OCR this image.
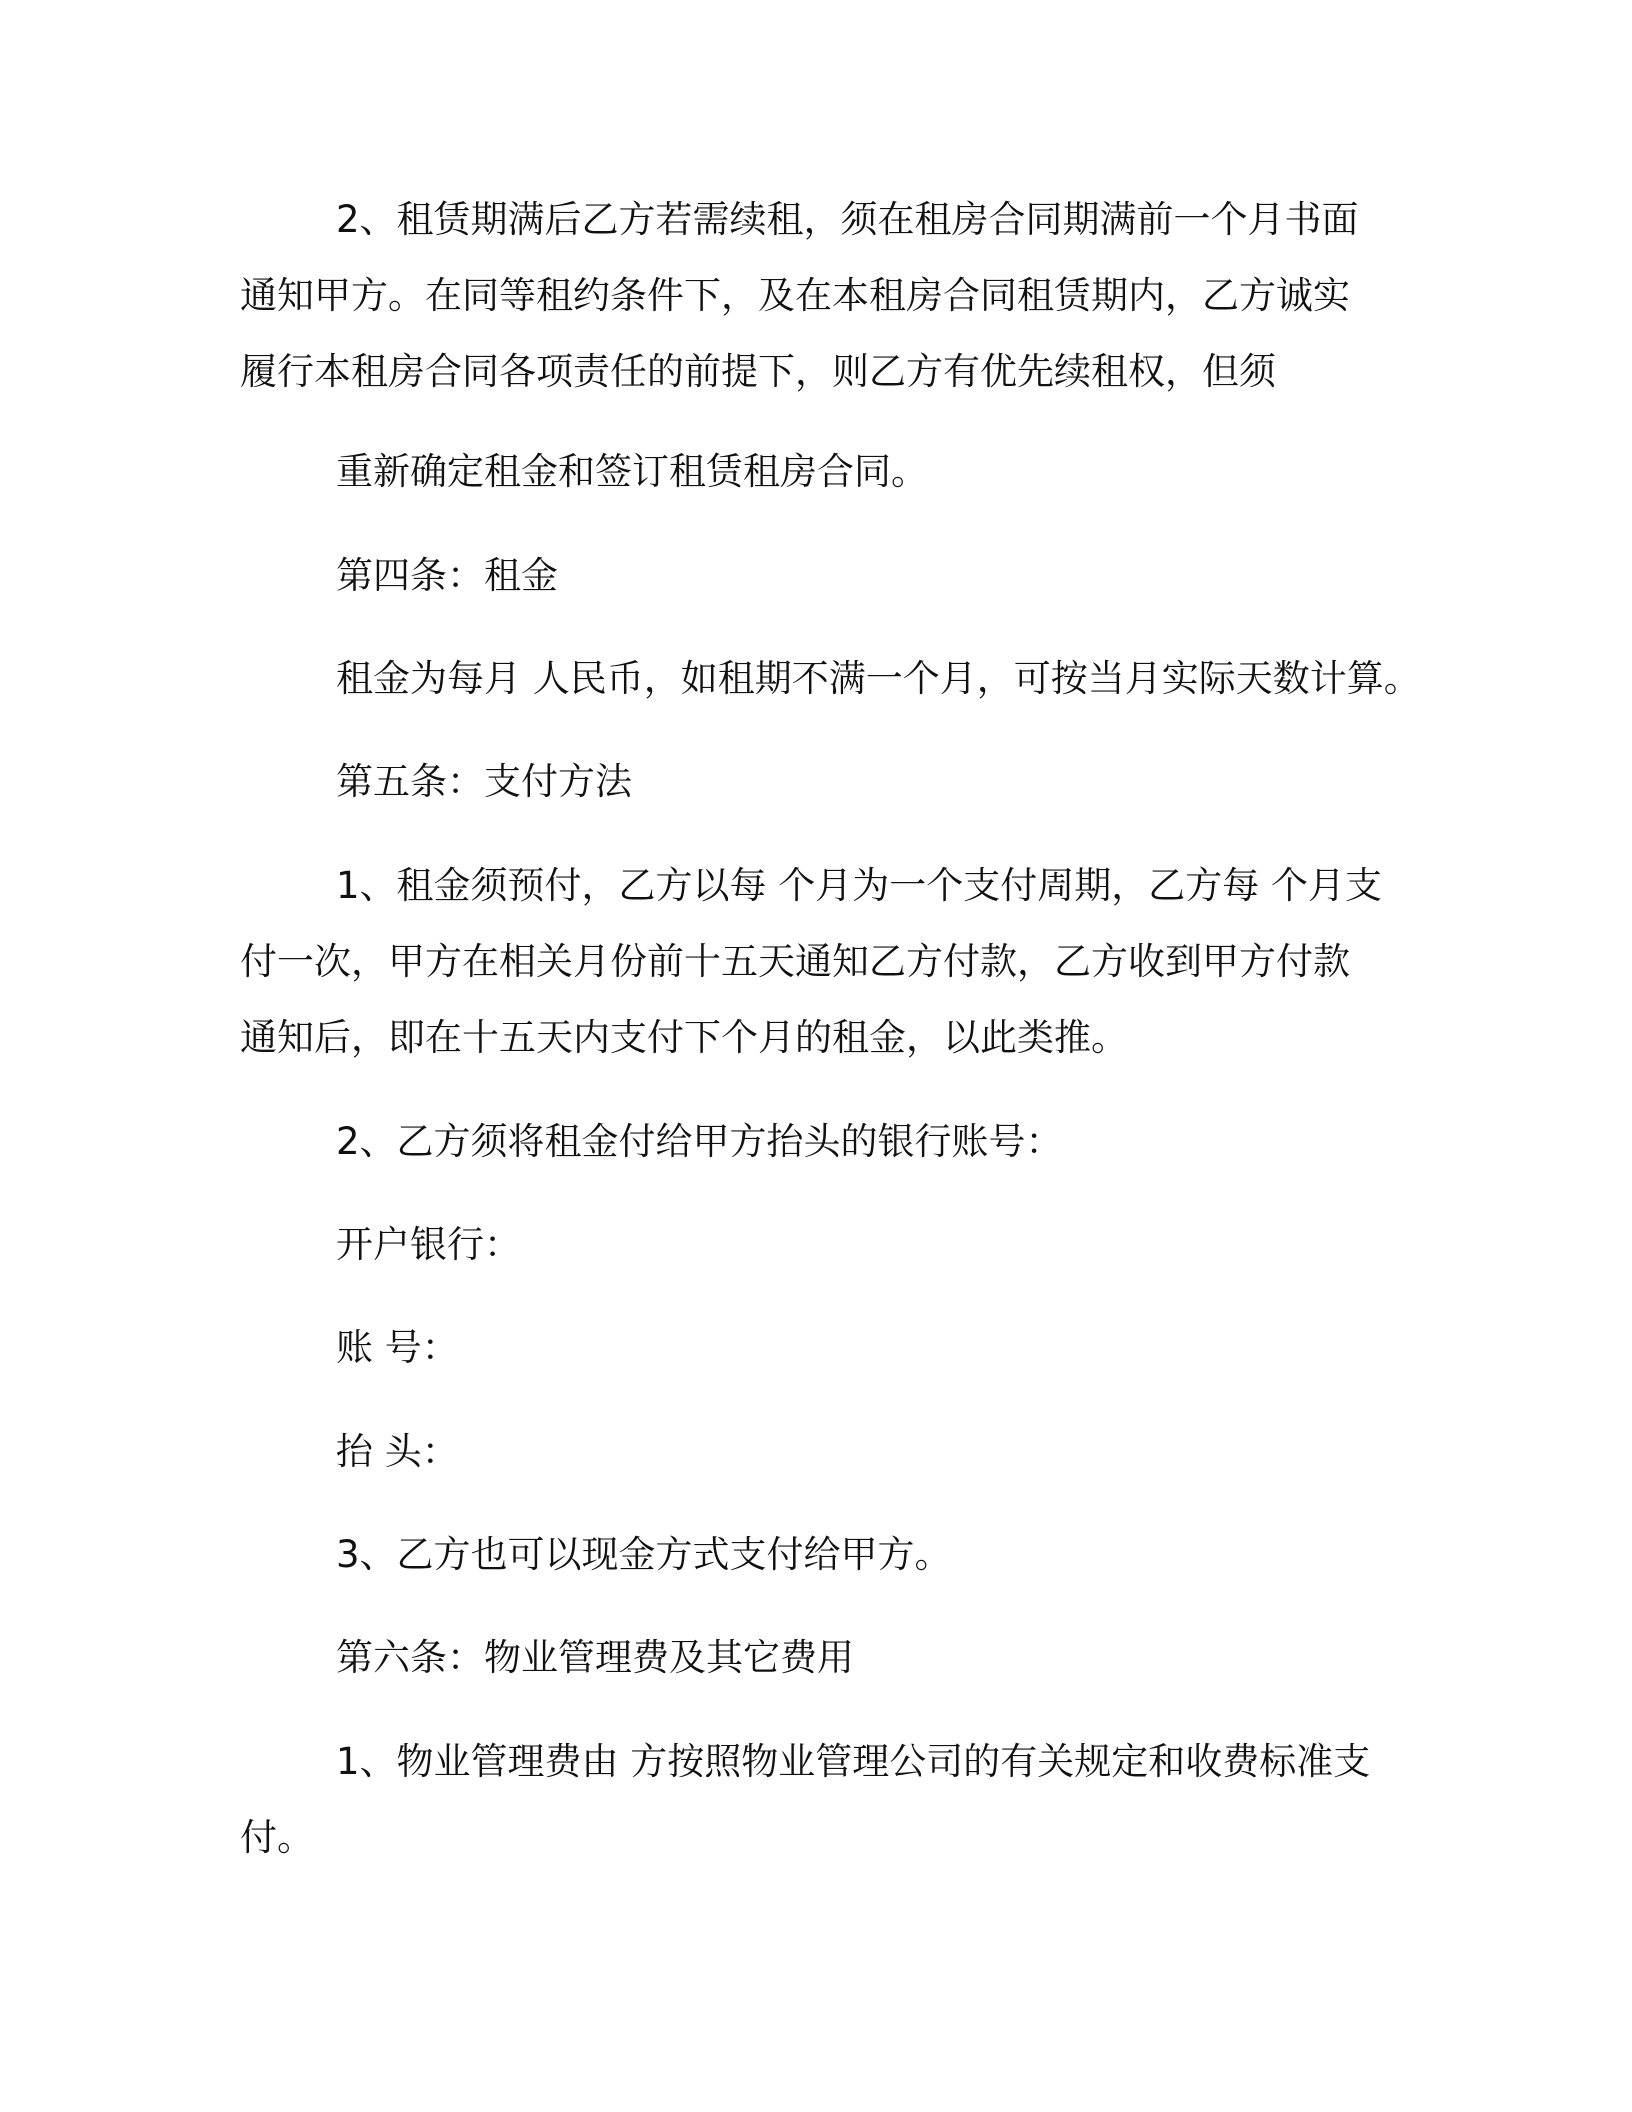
2、租赁期满后乙方若需续租，须在租房合同期满前一个月书面
通知甲方。在同等租约条件下，及在本租房合同租赁期内，乙方诚实
履行本租房合同各项责任的前提下，则乙方有优先续租权，但须
重新确定租金和签订租赁租房合同。
第四条：租金
租金为每月 人民币，如租期不满一个月，可按当月实际天数计算。
第五条：支付方法
1、租金须预付，乙方以每 个月为一个支付周期，乙方每 个月支
付一次，甲方在相关月份前十五天通知乙方付款，乙方收到甲方付款
通知后，即在十五天内支付下个月的租金，以此类推。
2、乙方须将租金付给甲方抬头的银行账号：
开户银行：
账 号：
抬 头：
3、乙方也可以现金方式支付给甲方。
第六条：物业管理费及其它费用
1、物业管理费由 方按照物业管理公司的有关规定和收费标准支
付。
